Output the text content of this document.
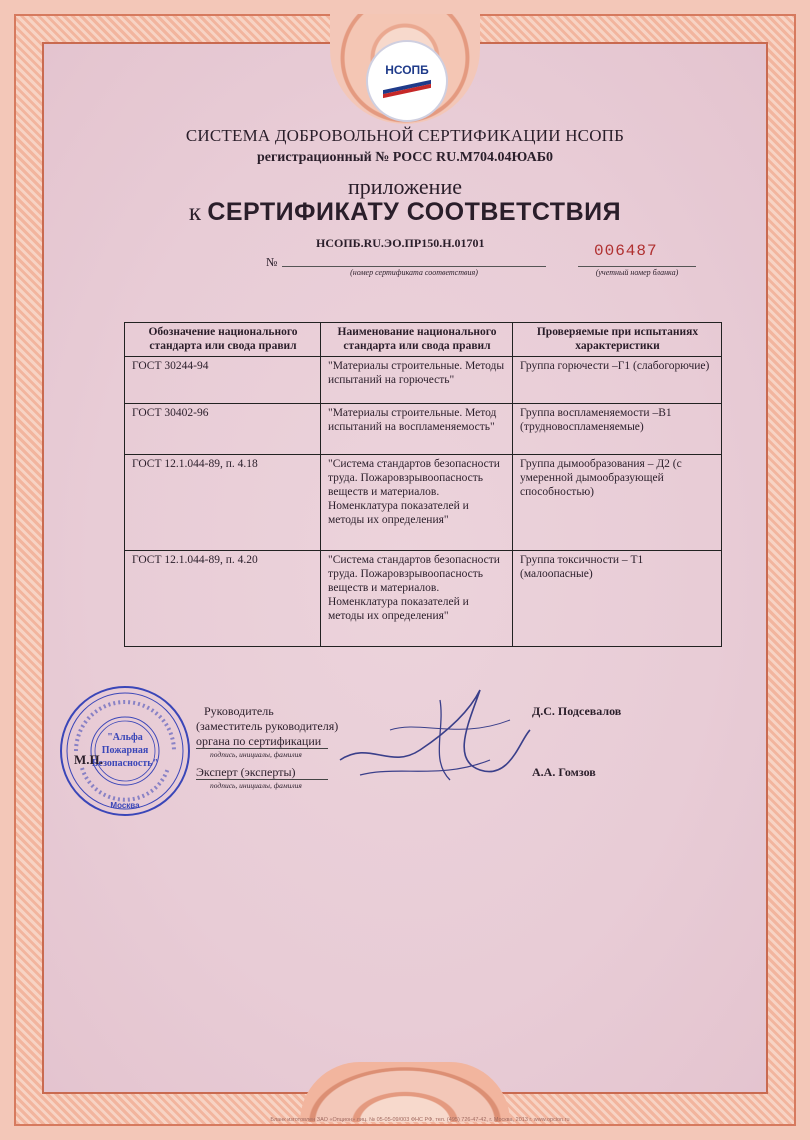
НСОПБ
СИСТЕМА ДОБРОВОЛЬНОЙ СЕРТИФИКАЦИИ НСОПБ
регистрационный № РОСС RU.М704.04ЮАБ0
приложение
к СЕРТИФИКАТУ СООТВЕТСТВИЯ
НСОПБ.RU.ЭО.ПР150.Н.01701
№
(номер сертификата соответствия)
006487
(учетный номер бланка)
Обозначение национального стандарта или свода правил	Наименование национального стандарта или свода правил	Проверяемые при испытаниях характеристики
ГОСТ 30244-94	"Материалы строительные. Методы испытаний на горючесть"	Группа горючести –Г1 (слабогорючие)
ГОСТ 30402-96	"Материалы строительные. Метод испытаний на воспламеняемость"	Группа воспламеняемости –В1 (трудновоспламеняемые)
ГОСТ 12.1.044-89, п. 4.18	"Система стандартов безопасности труда. Пожаровзрывоопасность веществ и материалов. Номенклатура показателей и методы их определения"	Группа дымообразования – Д2 (с умеренной дымообразующей способностью)
ГОСТ 12.1.044-89, п. 4.20	"Система стандартов безопасности труда. Пожаровзрывоопасность веществ и материалов. Номенклатура показателей и методы их определения"	Группа токсичности – Т1 (малоопасные)
Руководитель
(заместитель руководителя)
органа по сертификации
подпись, инициалы, фамилия
Д.С. Подсевалов
Эксперт (эксперты)
подпись, инициалы, фамилия
А.А. Гомзов
"Альфа
Пожарная
Безопасность"
Москва
М.П.
Бланк изготовлен ЗАО «Опцион» лиц. № 05-05-09/003 ФНС РФ, тел. (495) 726-47-42, г. Москва, 2013 г. www.opcion.ru
